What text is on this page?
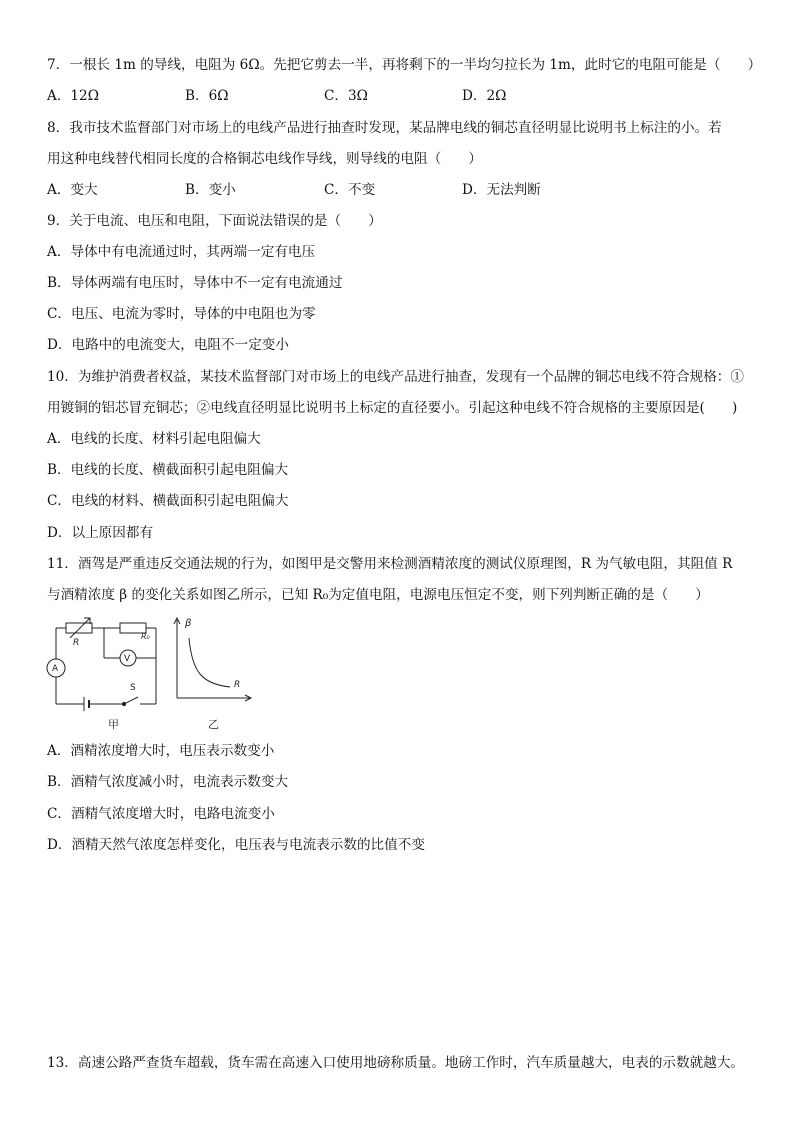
7．一根长 1m 的导线，电阻为 6Ω。先把它剪去一半，再将剩下的一半均匀拉长为 1m，此时它的电阻可能是（　　）
A．12Ω	B．6Ω	C．3Ω	D．2Ω
8．我市技术监督部门对市场上的电线产品进行抽查时发现，某品牌电线的铜芯直径明显比说明书上标注的小。若
用这种电线替代相同长度的合格铜芯电线作导线，则导线的电阻（　　）
A．变大	B．变小	C．不变	D．无法判断
9．关于电流、电压和电阻，下面说法错误的是（　　）
A．导体中有电流通过时，其两端一定有电压
B．导体两端有电压时，导体中不一定有电流通过
C．电压、电流为零时，导体的中电阻也为零
D．电路中的电流变大，电阻不一定变小
10．为维护消费者权益，某技术监督部门对市场上的电线产品进行抽查，发现有一个品牌的铜芯电线不符合规格：①
用镀铜的铝芯冒充铜芯；②电线直径明显比说明书上标定的直径要小。引起这种电线不符合规格的主要原因是(　　)
A．电线的长度、材料引起电阻偏大
B．电线的长度、横截面积引起电阻偏大
C．电线的材料、横截面积引起电阻偏大
D．以上原因都有
11．酒驾是严重违反交通法规的行为，如图甲是交警用来检测酒精浓度的测试仪原理图，R 为气敏电阻，其阻值 R
与酒精浓度 β 的变化关系如图乙所示，已知 R₀为定值电阻，电源电压恒定不变，则下列判断正确的是（　　）
R
R₀
V
A
S
甲
β
R
乙
A．酒精浓度增大时，电压表示数变小
B．酒精气浓度减小时，电流表示数变大
C．酒精气浓度增大时，电路电流变小
D．酒精天然气浓度怎样变化，电压表与电流表示数的比值不变
13．高速公路严查货车超载，货车需在高速入口使用地磅称质量。地磅工作时，汽车质量越大，电表的示数就越大。
